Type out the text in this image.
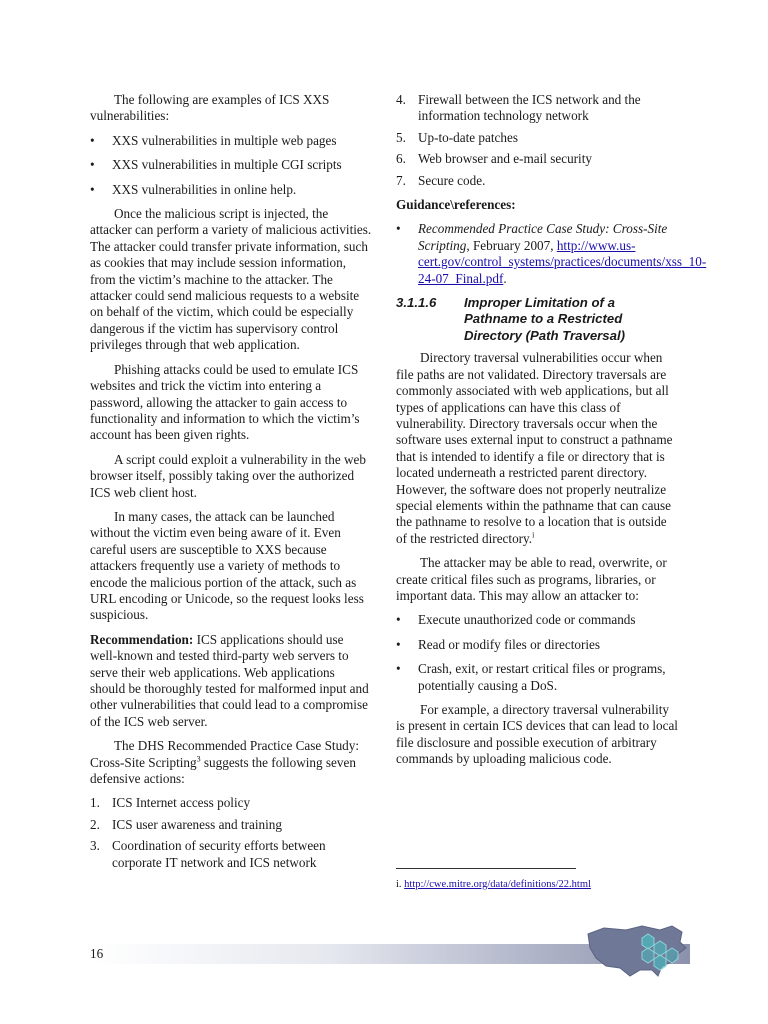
The following are examples of ICS XXS vulnerabilities:

• XXS vulnerabilities in multiple web pages
• XXS vulnerabilities in multiple CGI scripts
• XXS vulnerabilities in online help.

Once the malicious script is injected, the attacker can perform a variety of malicious activities. The attacker could transfer private information, such as cookies that may include session information, from the victim’s machine to the attacker. The attacker could send malicious requests to a website on behalf of the victim, which could be especially dangerous if the victim has supervisory control privileges through that web application.

Phishing attacks could be used to emulate ICS websites and trick the victim into entering a password, allowing the attacker to gain access to functionality and information to which the victim’s account has been given rights.

A script could exploit a vulnerability in the web browser itself, possibly taking over the authorized ICS web client host.

In many cases, the attack can be launched without the victim even being aware of it. Even careful users are susceptible to XXS because attackers frequently use a variety of methods to encode the malicious portion of the attack, such as URL encoding or Unicode, so the request looks less suspicious.

Recommendation: ICS applications should use well-known and tested third-party web servers to serve their web applications. Web applications should be thoroughly tested for malformed input and other vulnerabilities that could lead to a compromise of the ICS web server.

The DHS Recommended Practice Case Study: Cross-Site Scripting$^3$ suggests the following seven defensive actions:

1. ICS Internet access policy
2. ICS user awareness and training
3. Coordination of security efforts between corporate IT network and ICS network
4. Firewall between the ICS network and the information technology network
5. Up-to-date patches
6. Web browser and e-mail security
7. Secure code.

Guidance\references:

• Recommended Practice Case Study: Cross-Site Scripting, February 2007, http://www.us-cert.gov/control_systems/practices/documents/xss_10-24-07_Final.pdf.
3.1.1.6	Improper Limitation of a Pathname to a Restricted Directory (Path Traversal)

Directory traversal vulnerabilities occur when file paths are not validated. Directory traversals are commonly associated with web applications, but all types of applications can have this class of vulnerability. Directory traversals occur when the software uses external input to construct a pathname that is intended to identify a file or directory that is located underneath a restricted parent directory. However, the software does not properly neutralize special elements within the pathname that can cause the pathname to resolve to a location that is outside of the restricted directory.$^i$

The attacker may be able to read, overwrite, or create critical files such as programs, libraries, or important data. This may allow an attacker to:

• Execute unauthorized code or commands
• Read or modify files or directories
• Crash, exit, or restart critical files or programs, potentially causing a DoS.

For example, a directory traversal vulnerability is present in certain ICS devices that can lead to local file disclosure and possible execution of arbitrary commands by uploading malicious code.

i. http://cwe.mitre.org/data/definitions/22.html
16
